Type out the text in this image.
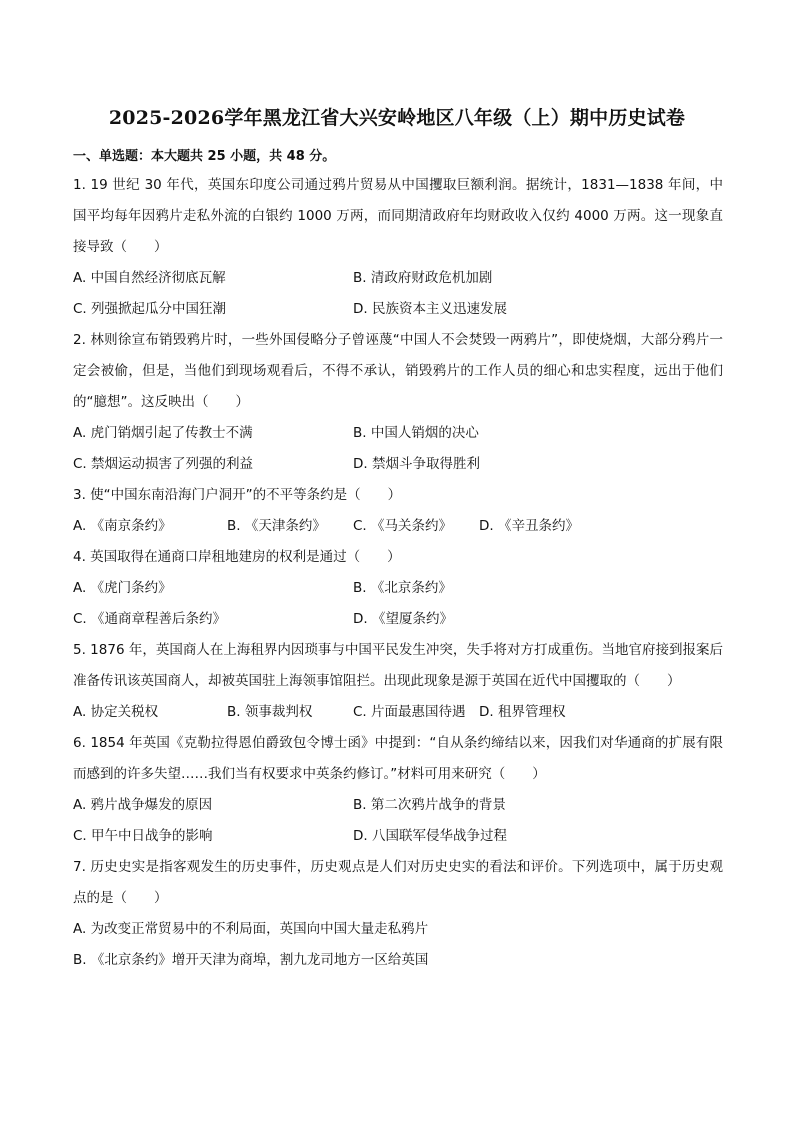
2025-2026学年黑龙江省大兴安岭地区八年级（上）期中历史试卷
一、单选题：本大题共 25 小题，共 48 分。
1. 19 世纪 30 年代，英国东印度公司通过鸦片贸易从中国攫取巨额利润。据统计，1831—1838 年间，中国平均每年因鸦片走私外流的白银约 1000 万两，而同期清政府年均财政收入仅约 4000 万两。这一现象直接导致（　　）
A. 中国自然经济彻底瓦解	B. 清政府财政危机加剧
C. 列强掀起瓜分中国狂潮	D. 民族资本主义迅速发展
2. 林则徐宣布销毁鸦片时，一些外国侵略分子曾诬蔑“中国人不会焚毁一两鸦片”，即使烧烟，大部分鸦片一定会被偷，但是，当他们到现场观看后，不得不承认，销毁鸦片的工作人员的细心和忠实程度，远出于他们的“臆想”。这反映出（　　）
A. 虎门销烟引起了传教士不满	B. 中国人销烟的决心
C. 禁烟运动损害了列强的利益	D. 禁烟斗争取得胜利
3. 使“中国东南沿海门户洞开”的不平等条约是（　　）
A. 《南京条约》	B. 《天津条约》	C. 《马关条约》	D. 《辛丑条约》
4. 英国取得在通商口岸租地建房的权利是通过（　　）
A. 《虎门条约》	B. 《北京条约》
C. 《通商章程善后条约》	D. 《望厦条约》
5. 1876 年，英国商人在上海租界内因琐事与中国平民发生冲突，失手将对方打成重伤。当地官府接到报案后准备传讯该英国商人，却被英国驻上海领事馆阻拦。出现此现象是源于英国在近代中国攫取的（　　）
A. 协定关税权	B. 领事裁判权	C. 片面最惠国待遇 D. 租界管理权
6. 1854 年英国《克勒拉得恩伯爵致包令博士函》中提到：“自从条约缔结以来，因我们对华通商的扩展有限而感到的许多失望……我们当有权要求中英条约修订。”材料可用来研究（　　）
A. 鸦片战争爆发的原因	B. 第二次鸦片战争的背景
C. 甲午中日战争的影响	D. 八国联军侵华战争过程
7. 历史史实是指客观发生的历史事件，历史观点是人们对历史史实的看法和评价。下列选项中，属于历史观点的是（　　）
A. 为改变正常贸易中的不利局面，英国向中国大量走私鸦片
B. 《北京条约》增开天津为商埠，割九龙司地方一区给英国
